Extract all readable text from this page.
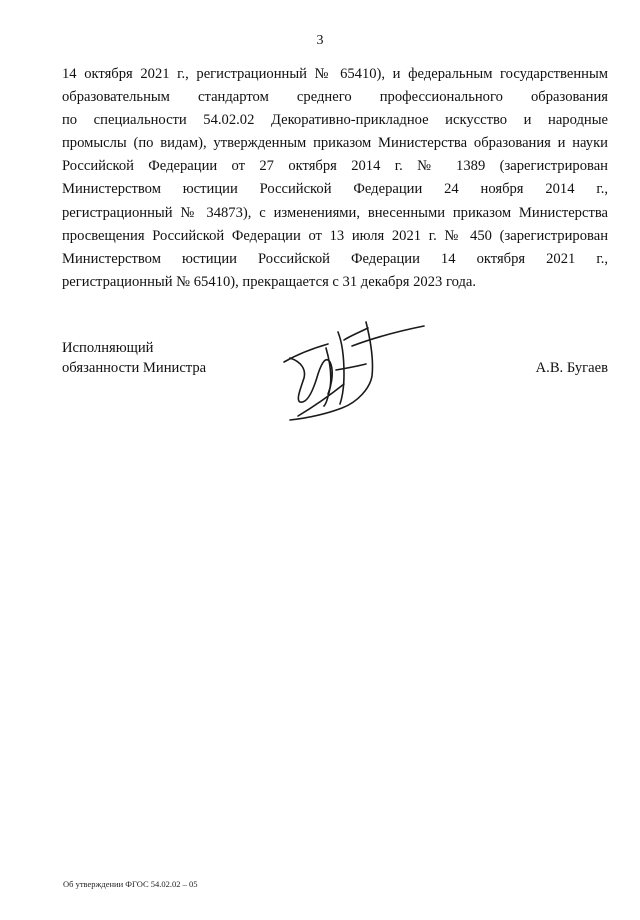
3
14 октября 2021 г., регистрационный № 65410), и федеральным государственным
образовательным стандартом среднего профессионального образования
по специальности 54.02.02 Декоративно-прикладное искусство и народные
промыслы (по видам), утвержденным приказом Министерства образования и науки
Российской Федерации от 27 октября 2014 г. № 1389 (зарегистрирован
Министерством юстиции Российской Федерации 24 ноября 2014 г.,
регистрационный № 34873), с изменениями, внесенными приказом Министерства
просвещения Российской Федерации от 13 июля 2021 г. № 450 (зарегистрирован
Министерством юстиции Российской Федерации 14 октября 2021 г.,
регистрационный № 65410), прекращается с 31 декабря 2023 года.
Исполняющий
обязанности Министра	А.В. Бугаев
Об утверждении ФГОС 54.02.02 – 05
